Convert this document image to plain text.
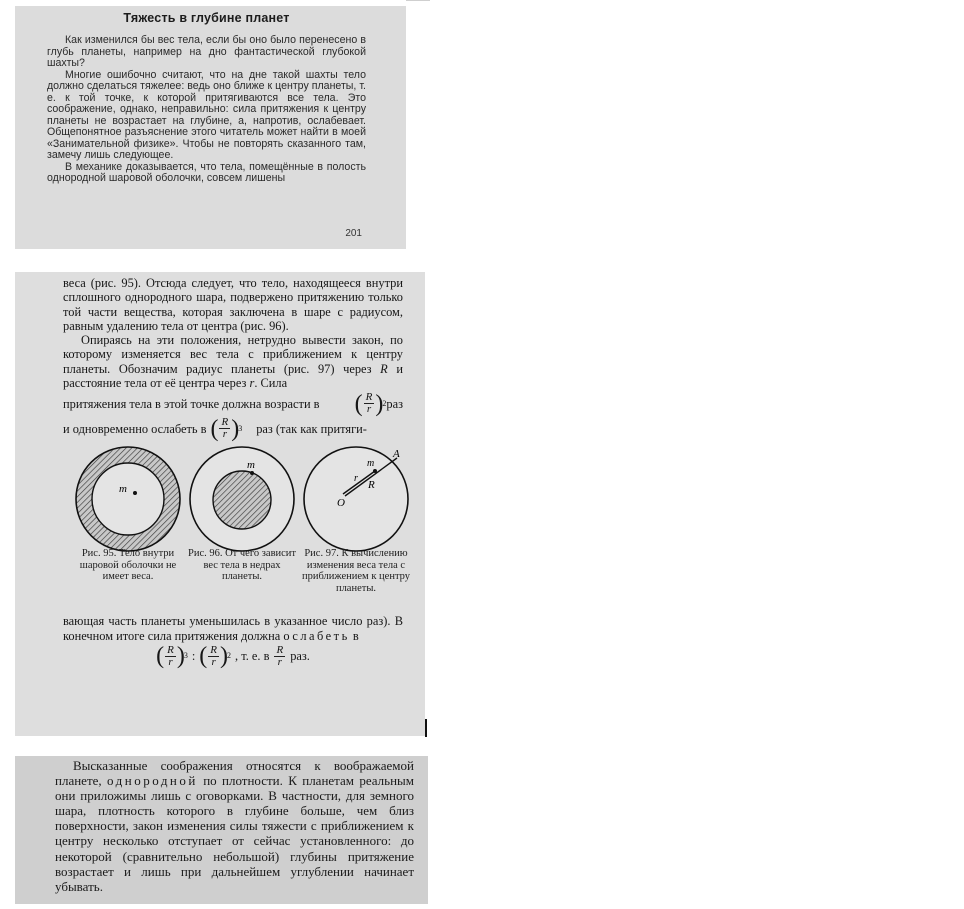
Тяжесть в глубине планет

Как изменился бы вес тела, если бы оно было перенесено в глубь планеты, например на дно фантастической глубокой шахты?

Многие ошибочно считают, что на дне такой шахты тело должно сделаться тяжелее: ведь оно ближе к центру планеты, т. е. к той точке, к которой притягиваются все тела. Это соображение, однако, неправильно: сила притяжения к центру планеты не возрастает на глубине, а, напротив, ослабевает. Общепонятное разъяснение этого читатель может найти в моей «Занимательной физике». Чтобы не повторять сказанного там, замечу лишь следующее.

В механике доказывается, что тела, помещённые в полость однородной шаровой оболочки, совсем лишены

201

веса (рис. 95). Отсюда следует, что тело, находящееся внутри сплошного однородного шара, подвержено притяжению только той части вещества, которая заключена в шаре с радиусом, равным удалению тела от центра (рис. 96).

Опираясь на эти положения, нетрудно вывести закон, по которому изменяется вес тела с приближением к центру планеты. Обозначим радиус планеты (рис. 97) через R и расстояние тела от её центра через r. Сила

притяжения тела в этой точке должна возрасти в ( $\frac{R}{r}$ ) 2 раз
и одновременно ослабеть в ( $\frac{R}{r}$ ) 3 раз (так как притяги-
m
m	m
A
r
R
O
Рис. 95. Тело внутри шаровой оболочки не имеет веса.
Рис. 96. От чего зависит вес тела в недрах планеты.
Рис. 97. К вычислению изменения веса тела с приближением к центру планеты.

вающая часть планеты уменьшилась в указанное число раз). В конечном итоге сила притяжения должна ослабеть в

( $\frac{R}{r}$ ) 3 : ( $\frac{R}{r}$ ) 2 , т. е. в $\frac{R}{r}$ раз.

Высказанные соображения относятся к воображаемой планете, однородной по плотности. К планетам реальным они приложимы лишь с оговорками. В частности, для земного шара, плотность которого в глубине больше, чем близ поверхности, закон изменения силы тяжести с приближением к центру несколько отступает от сейчас установленного: до некоторой (сравнительно небольшой) глубины притяжение возрастает и лишь при дальнейшем углублении начинает убывать.
